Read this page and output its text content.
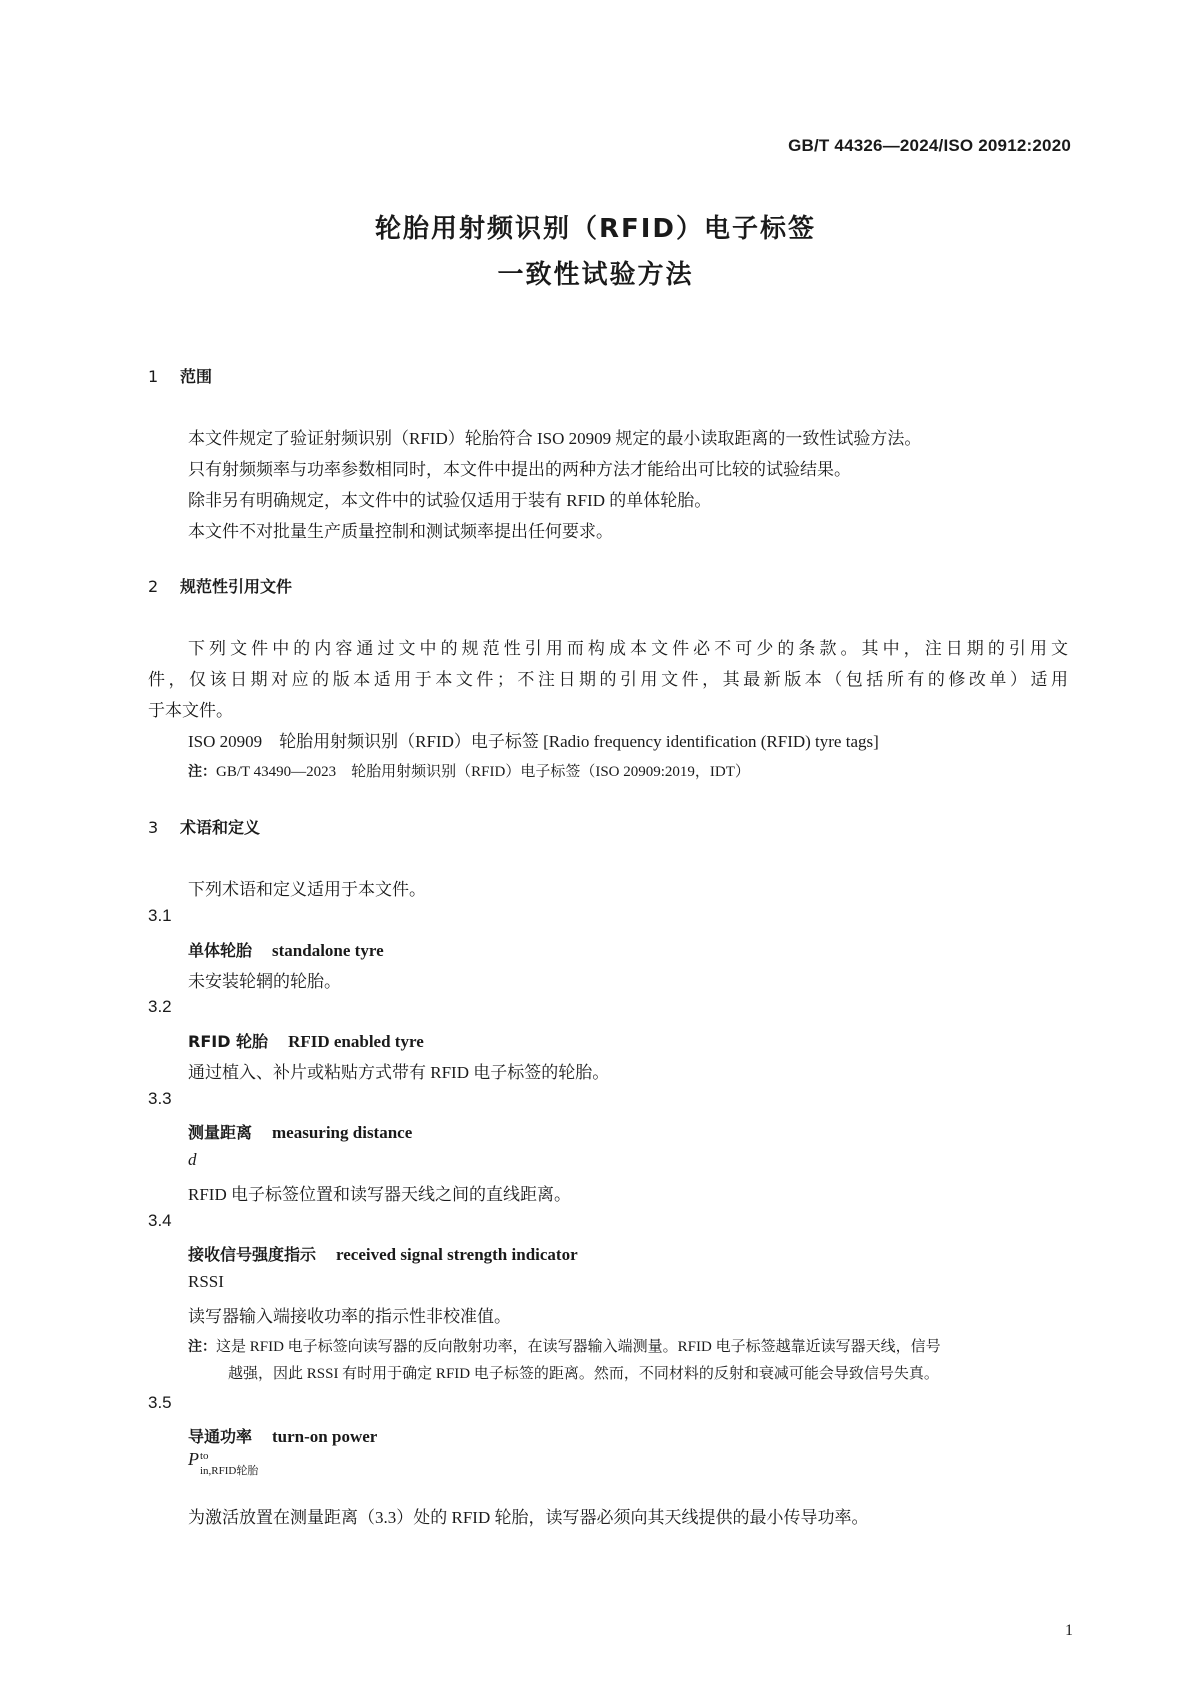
GB/T 44326—2024/ISO 20912:2020
轮胎用射频识别（RFID）电子标签
一致性试验方法
1 范围
本文件规定了验证射频识别（RFID）轮胎符合 ISO 20909 规定的最小读取距离的一致性试验方法。
只有射频频率与功率参数相同时，本文件中提出的两种方法才能给出可比较的试验结果。
除非另有明确规定，本文件中的试验仅适用于装有 RFID 的单体轮胎。
本文件不对批量生产质量控制和测试频率提出任何要求。
2 规范性引用文件
下列文件中的内容通过文中的规范性引用而构成本文件必不可少的条款。其中，注日期的引用文
件，仅该日期对应的版本适用于本文件；不注日期的引用文件，其最新版本（包括所有的修改单）适用
于本文件。
ISO 20909　轮胎用射频识别（RFID）电子标签 [Radio frequency identification (RFID) tyre tags]
注：GB/T 43490—2023　轮胎用射频识别（RFID）电子标签（ISO 20909:2019，IDT）
3 术语和定义
下列术语和定义适用于本文件。
3.1
单体轮胎 standalone tyre
未安装轮辋的轮胎。
3.2
RFID 轮胎 RFID enabled tyre
通过植入、补片或粘贴方式带有 RFID 电子标签的轮胎。
3.3
测量距离 measuring distance
d
RFID 电子标签位置和读写器天线之间的直线距离。
3.4
接收信号强度指示 received signal strength indicator
RSSI
读写器输入端接收功率的指示性非校准值。
注：这是 RFID 电子标签向读写器的反向散射功率，在读写器输入端测量。RFID 电子标签越靠近读写器天线，信号
越强，因此 RSSI 有时用于确定 RFID 电子标签的距离。然而，不同材料的反射和衰减可能会导致信号失真。
3.5
导通功率 turn-on power
P to
in,RFID轮胎
为激活放置在测量距离（3.3）处的 RFID 轮胎，读写器必须向其天线提供的最小传导功率。
1
